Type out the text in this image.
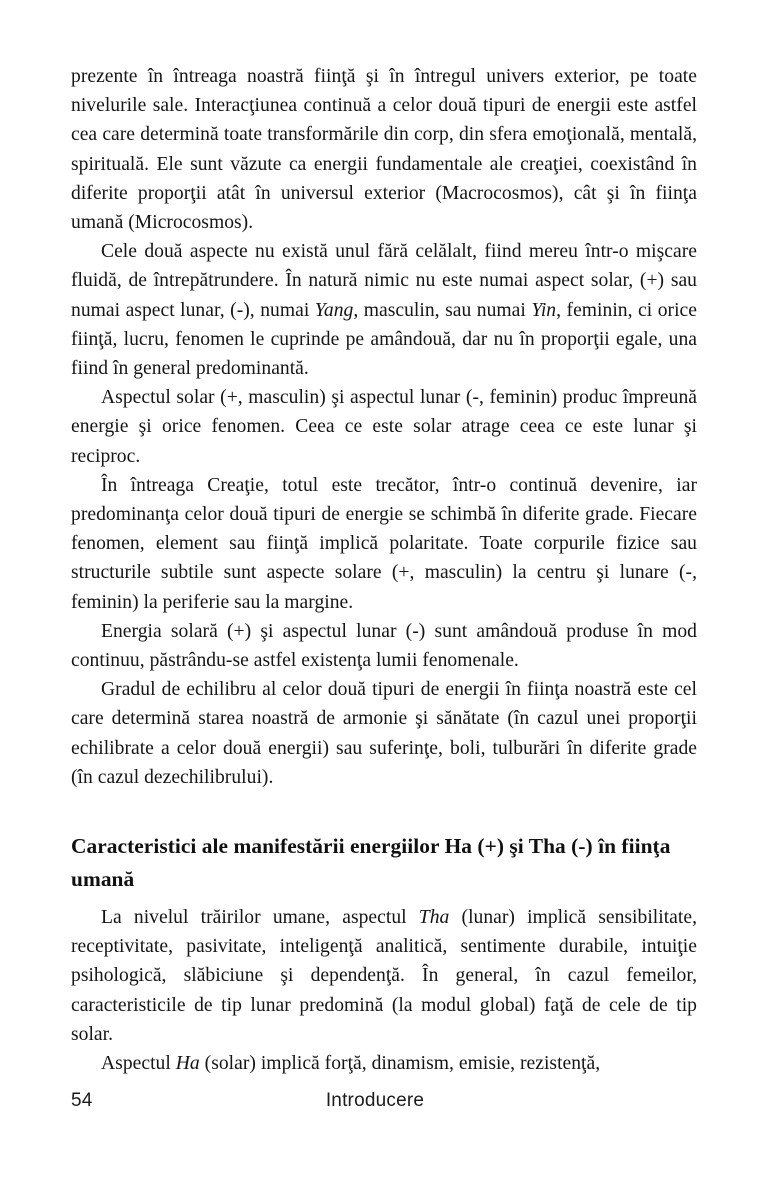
prezente în întreaga noastră fiinţă şi în întregul univers exterior, pe toate nivelurile sale. Interacţiunea continuă a celor două tipuri de energii este astfel cea care determină toate transformările din corp, din sfera emoţională, mentală, spirituală. Ele sunt văzute ca energii fundamentale ale creaţiei, coexistând în diferite proporţii atât în universul exterior (Macrocosmos), cât şi în fiinţa umană (Microcosmos).

Cele două aspecte nu există unul fără celălalt, fiind mereu într-o mişcare fluidă, de întrepătrundere. În natură nimic nu este numai aspect solar, (+) sau numai aspect lunar, (-), numai Yang, masculin, sau numai Yin, feminin, ci orice fiinţă, lucru, fenomen le cuprinde pe amândouă, dar nu în proporţii egale, una fiind în general predominantă.

Aspectul solar (+, masculin) şi aspectul lunar (-, feminin) produc împreună energie şi orice fenomen. Ceea ce este solar atrage ceea ce este lunar şi reciproc.

În întreaga Creaţie, totul este trecător, într-o continuă devenire, iar predominanţa celor două tipuri de energie se schimbă în diferite grade. Fiecare fenomen, element sau fiinţă implică polaritate. Toate corpurile fizice sau structurile subtile sunt aspecte solare (+, masculin) la centru şi lunare (-, feminin) la periferie sau la margine.

Energia solară (+) şi aspectul lunar (-) sunt amândouă produse în mod continuu, păstrându-se astfel existenţa lumii fenomenale.

Gradul de echilibru al celor două tipuri de energii în fiinţa noastră este cel care determină starea noastră de armonie şi sănătate (în cazul unei proporţii echilibrate a celor două energii) sau suferinţe, boli, tulburări în diferite grade (în cazul dezechilibrului).

Caracteristici ale manifestării energiilor Ha (+) şi Tha (-) în fiinţa umană

La nivelul trăirilor umane, aspectul Tha (lunar) implică sensibilitate, receptivitate, pasivitate, inteligenţă analitică, sentimente durabile, intuiţie psihologică, slăbiciune şi dependenţă. În general, în cazul femeilor, caracteristicile de tip lunar predomină (la modul global) faţă de cele de tip solar.

Aspectul Ha (solar) implică forţă, dinamism, emisie, rezistenţă,

54	Introducere
